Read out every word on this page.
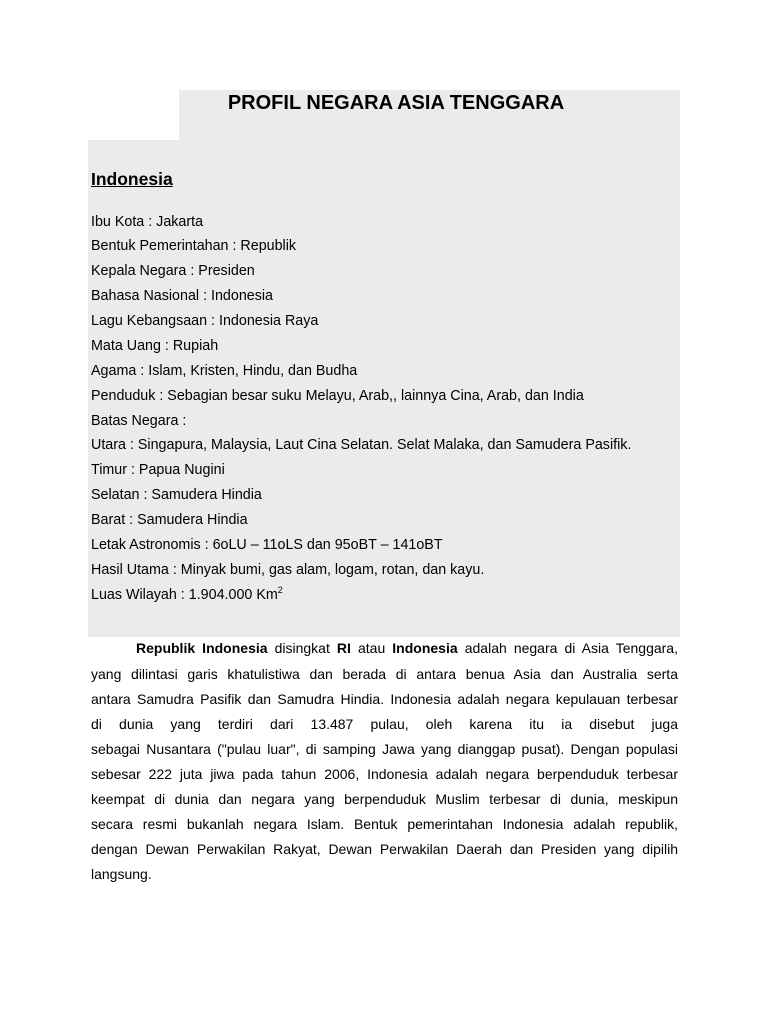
PROFIL NEGARA ASIA TENGGARA
Indonesia
Ibu Kota : Jakarta
Bentuk Pemerintahan : Republik
Kepala Negara : Presiden
Bahasa Nasional : Indonesia
Lagu Kebangsaan : Indonesia Raya
Mata Uang : Rupiah
Agama : Islam, Kristen, Hindu, dan Budha
Penduduk : Sebagian besar suku Melayu, Arab,, lainnya Cina, Arab, dan India
Batas Negara :
Utara : Singapura, Malaysia, Laut Cina Selatan. Selat Malaka, dan Samudera Pasifik.
Timur : Papua Nugini
Selatan : Samudera Hindia
Barat : Samudera Hindia
Letak Astronomis : 6oLU – 11oLS dan 95oBT – 141oBT
Hasil Utama : Minyak bumi, gas alam, logam, rotan, dan kayu.
Luas Wilayah : 1.904.000 Km$^2$
Republik Indonesia disingkat RI atau Indonesia adalah negara di Asia Tenggara,
yang dilintasi garis khatulistiwa dan berada di antara benua Asia dan Australia serta
antara Samudra Pasifik dan Samudra Hindia. Indonesia adalah negara kepulauan terbesar
di dunia yang terdiri dari 13.487 pulau, oleh karena itu ia disebut juga
sebagai Nusantara ("pulau luar", di samping Jawa yang dianggap pusat). Dengan populasi
sebesar 222 juta jiwa pada tahun 2006, Indonesia adalah negara berpenduduk terbesar
keempat di dunia dan negara yang berpenduduk Muslim terbesar di dunia, meskipun
secara resmi bukanlah negara Islam. Bentuk pemerintahan Indonesia adalah republik,
dengan Dewan Perwakilan Rakyat, Dewan Perwakilan Daerah dan Presiden yang dipilih
langsung.
